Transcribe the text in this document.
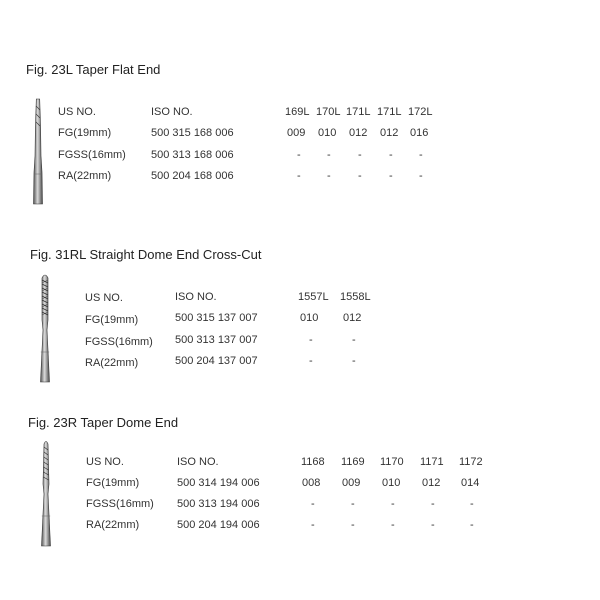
Fig. 23L Taper Flat End
US NO.	ISO NO.	169L 170L 171L 171L 172L
FG(19mm)	500 315 168 006	009 010 012 012 016
FGSS(16mm) 500 313 168 006	- - - - -
RA(22mm)	500 204 168 006	- - - - -
Fig. 31RL Straight Dome End Cross-Cut
US NO.	ISO NO.	1557L 1558L
FG(19mm)	500 315 137 007	010 012
FGSS(16mm) 500 313 137 007	-	-
RA(22mm)	500 204 137 007	-	-
Fig. 23R Taper Dome End
US NO.	ISO NO.	1168 1169 1170 1171 1172
FG(19mm)	500 314 194 006	008 009 010 012 014
FGSS(16mm) 500 313 194 006	-	-	-	-	-
RA(22mm)	500 204 194 006	-	-	-	-	-
